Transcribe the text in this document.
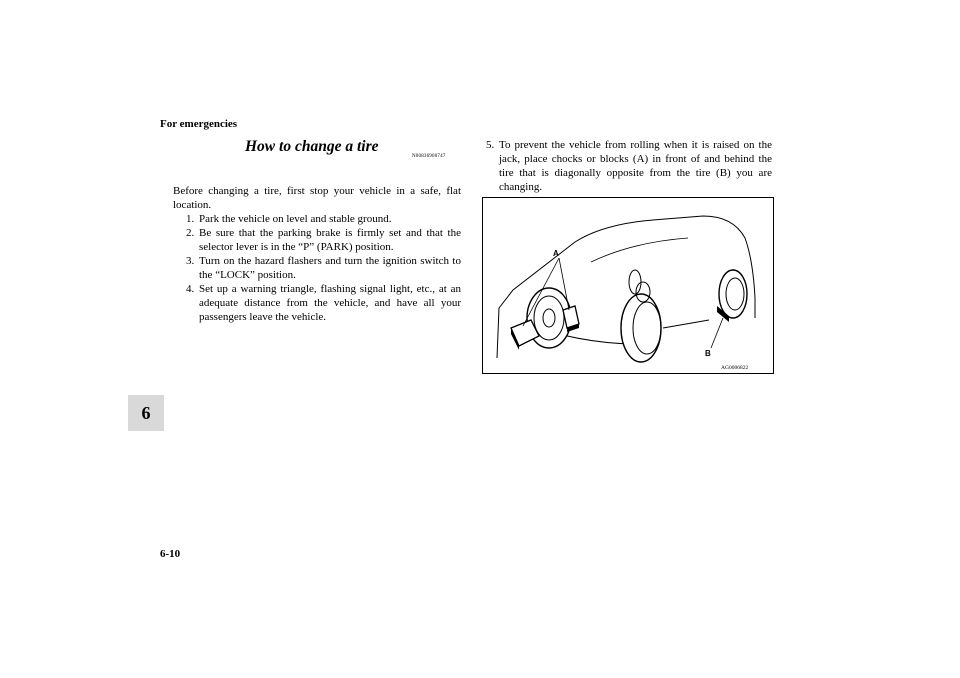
For emergencies
6
How to change a tire
N00836900747

Before changing a tire, first stop your vehicle in a safe, flat location.

1. Park the vehicle on level and stable ground.
2. Be sure that the parking brake is firmly set and that the selector lever is in the “P” (PARK) position.
3. Turn on the hazard flashers and turn the ignition switch to the “LOCK” position.
4. Set up a warning triangle, flashing signal light, etc., at an adequate distance from the vehicle, and have all your passengers leave the vehicle.
5. To prevent the vehicle from rolling when it is raised on the jack, place chocks or blocks (A) in front of and behind the tire that is diagonally opposite from the tire (B) you are changing.
A
B
AG0006822
6-10
